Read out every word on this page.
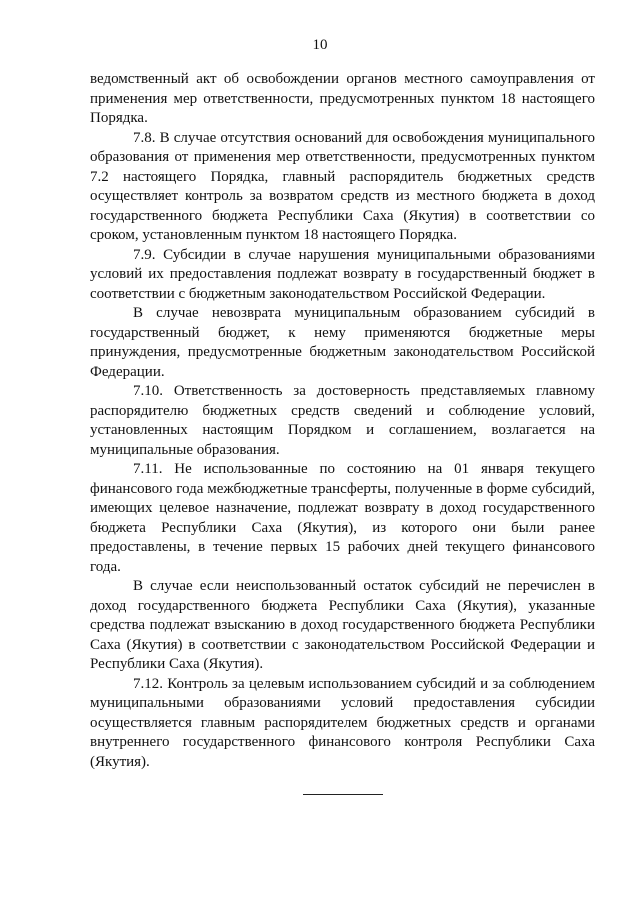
10

ведомственный акт об освобождении органов местного самоуправления от применения мер ответственности, предусмотренных пунктом 18 настоящего Порядка.

7.8. В случае отсутствия оснований для освобождения муниципального образования от применения мер ответственности, предусмотренных пунктом 7.2 настоящего Порядка, главный распорядитель бюджетных средств осуществляет контроль за возвратом средств из местного бюджета в доход государственного бюджета Республики Саха (Якутия) в соответствии со сроком, установленным пунктом 18 настоящего Порядка.

7.9. Субсидии в случае нарушения муниципальными образованиями условий их предоставления подлежат возврату в государственный бюджет в соответствии с бюджетным законодательством Российской Федерации.

В случае невозврата муниципальным образованием субсидий в государственный бюджет, к нему применяются бюджетные меры принуждения, предусмотренные бюджетным законодательством Российской Федерации.

7.10. Ответственность за достоверность представляемых главному распорядителю бюджетных средств сведений и соблюдение условий, установленных настоящим Порядком и соглашением, возлагается на муниципальные образования.

7.11. Не использованные по состоянию на 01 января текущего финансового года межбюджетные трансферты, полученные в форме субсидий, имеющих целевое назначение, подлежат возврату в доход государственного бюджета Республики Саха (Якутия), из которого они были ранее предоставлены, в течение первых 15 рабочих дней текущего финансового года.

В случае если неиспользованный остаток субсидий не перечислен в доход государственного бюджета Республики Саха (Якутия), указанные средства подлежат взысканию в доход государственного бюджета Республики Саха (Якутия) в соответствии с законодательством Российской Федерации и Республики Саха (Якутия).

7.12. Контроль за целевым использованием субсидий и за соблюдением муниципальными образованиями условий предоставления субсидии осуществляется главным распорядителем бюджетных средств и органами внутреннего государственного финансового контроля Республики Саха (Якутия).
